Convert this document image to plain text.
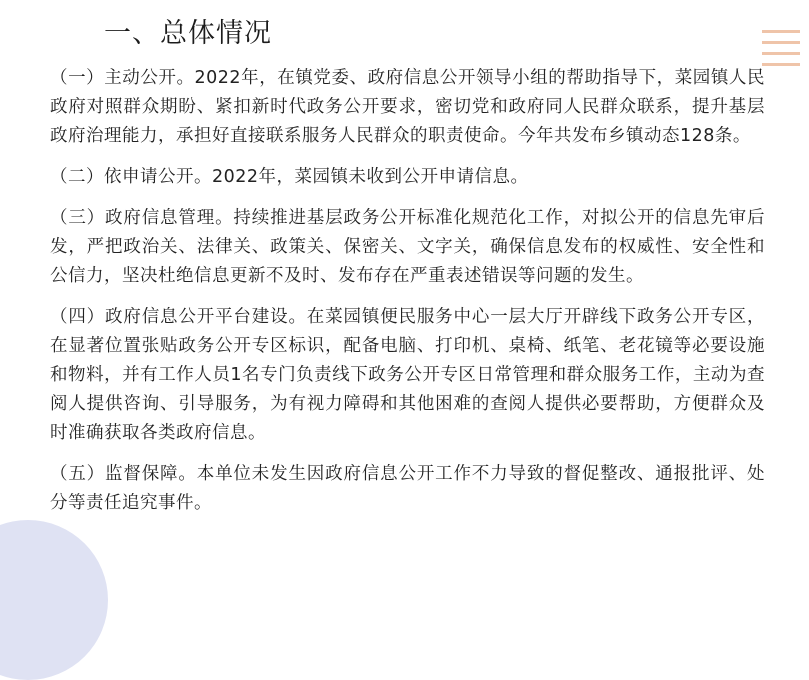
一、总体情况

（一）主动公开。2022年，在镇党委、政府信息公开领导小组的帮助指导下，菜园镇人民政府对照群众期盼、紧扣新时代政务公开要求，密切党和政府同人民群众联系，提升基层政府治理能力，承担好直接联系服务人民群众的职责使命。今年共发布乡镇动态128条。

（二）依申请公开。2022年，菜园镇未收到公开申请信息。

（三）政府信息管理。持续推进基层政务公开标准化规范化工作，对拟公开的信息先审后发，严把政治关、法律关、政策关、保密关、文字关，确保信息发布的权威性、安全性和公信力，坚决杜绝信息更新不及时、发布存在严重表述错误等问题的发生。

（四）政府信息公开平台建设。在菜园镇便民服务中心一层大厅开辟线下政务公开专区，在显著位置张贴政务公开专区标识，配备电脑、打印机、桌椅、纸笔、老花镜等必要设施和物料，并有工作人员1名专门负责线下政务公开专区日常管理和群众服务工作，主动为查阅人提供咨询、引导服务，为有视力障碍和其他困难的查阅人提供必要帮助，方便群众及时准确获取各类政府信息。

（五）监督保障。本单位未发生因政府信息公开工作不力导致的督促整改、通报批评、处分等责任追究事件。
